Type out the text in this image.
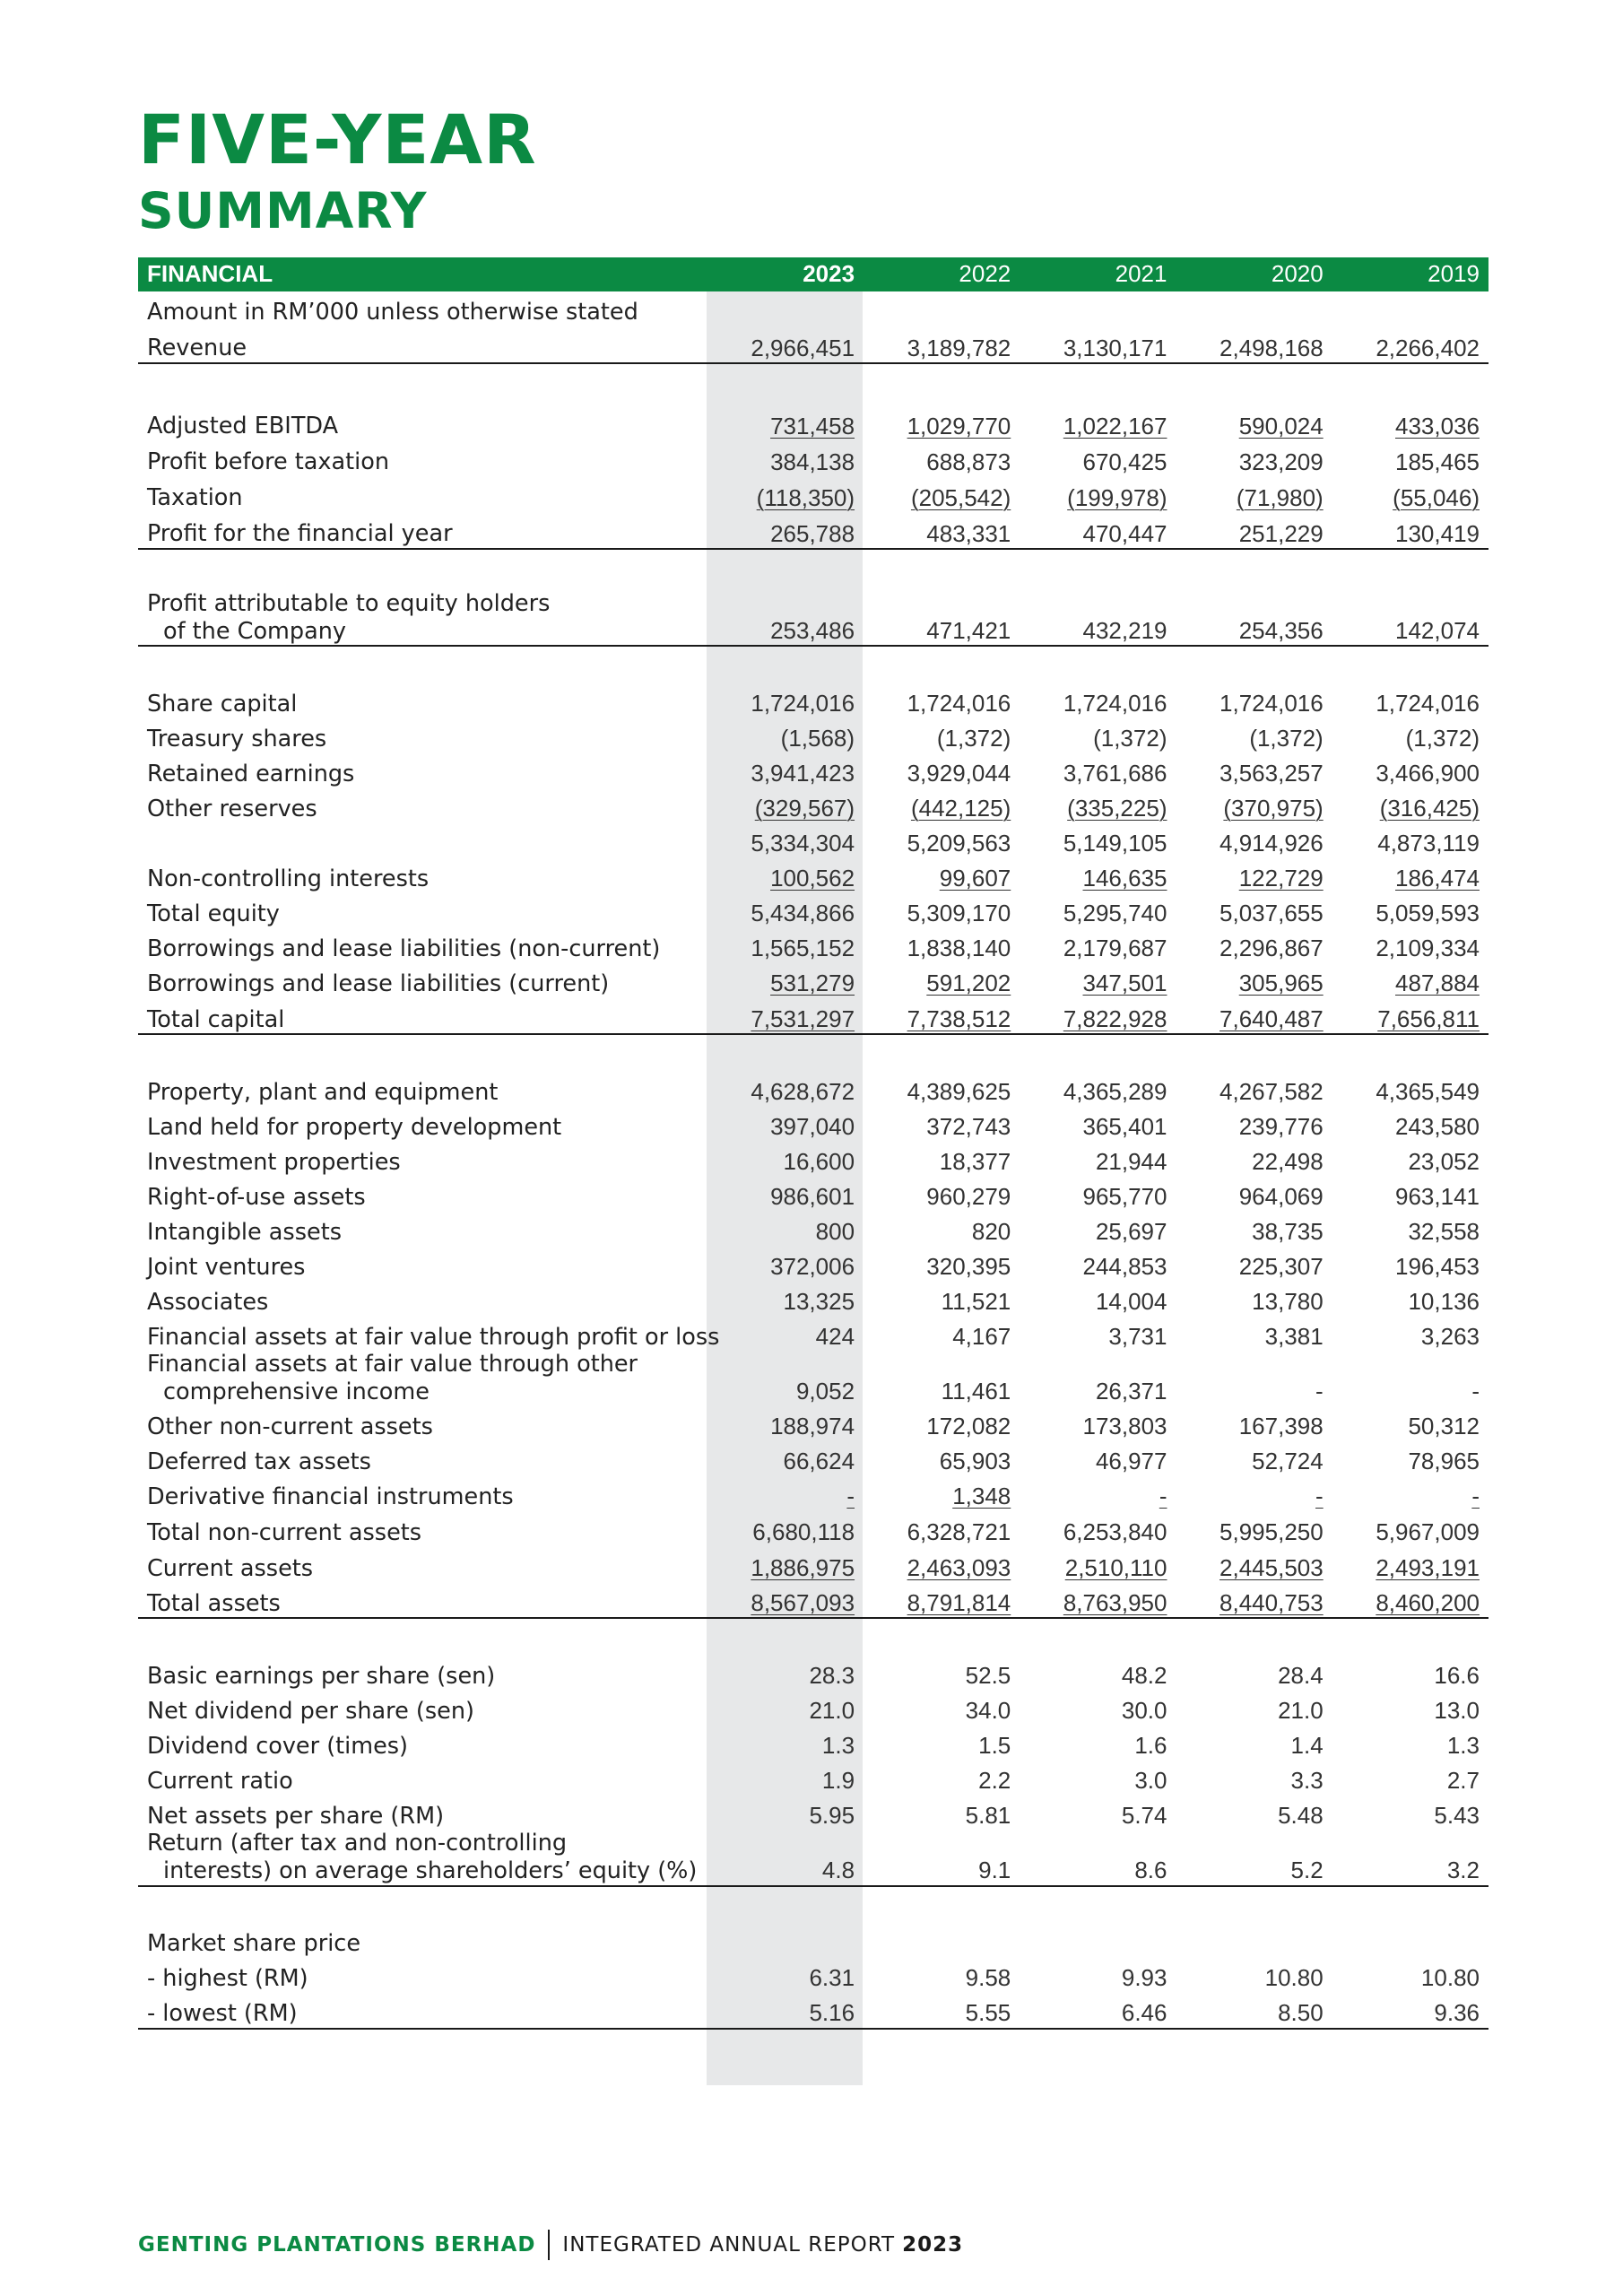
FIVE-YEAR
SUMMARY
FINANCIAL	2023	2022	2021	2020	2019
Amount in RM’000 unless otherwise stated					
Revenue	2,966,451	3,189,782	3,130,171	2,498,168	2,266,402

Adjusted EBITDA	731,458	1,029,770	1,022,167	590,024	433,036
Profit before taxation	384,138	688,873	670,425	323,209	185,465
Taxation	(118,350)	(205,542)	(199,978)	(71,980)	(55,046)
Profit for the financial year	265,788	483,331	470,447	251,229	130,419

Profit attributable to equity holders
of the Company	253,486	471,421	432,219	254,356	142,074

Share capital	1,724,016	1,724,016	1,724,016	1,724,016	1,724,016
Treasury shares	(1,568)	(1,372)	(1,372)	(1,372)	(1,372)
Retained earnings	3,941,423	3,929,044	3,761,686	3,563,257	3,466,900
Other reserves	(329,567)	(442,125)	(335,225)	(370,975)	(316,425)
	5,334,304	5,209,563	5,149,105	4,914,926	4,873,119
Non-controlling interests	100,562	99,607	146,635	122,729	186,474
Total equity	5,434,866	5,309,170	5,295,740	5,037,655	5,059,593
Borrowings and lease liabilities (non-current)	1,565,152	1,838,140	2,179,687	2,296,867	2,109,334
Borrowings and lease liabilities (current)	531,279	591,202	347,501	305,965	487,884
Total capital	7,531,297	7,738,512	7,822,928	7,640,487	7,656,811

Property, plant and equipment	4,628,672	4,389,625	4,365,289	4,267,582	4,365,549
Land held for property development	397,040	372,743	365,401	239,776	243,580
Investment properties	16,600	18,377	21,944	22,498	23,052
Right-of-use assets	986,601	960,279	965,770	964,069	963,141
Intangible assets	800	820	25,697	38,735	32,558
Joint ventures	372,006	320,395	244,853	225,307	196,453
Associates	13,325	11,521	14,004	13,780	10,136
Financial assets at fair value through profit or loss	424	4,167	3,731	3,381	3,263

Financial assets at fair value through other
comprehensive income	9,052	11,461	26,371	-	-
Other non-current assets	188,974	172,082	173,803	167,398	50,312
Deferred tax assets	66,624	65,903	46,977	52,724	78,965
Derivative financial instruments	-	1,348	-	-	-
Total non-current assets	6,680,118	6,328,721	6,253,840	5,995,250	5,967,009
Current assets	1,886,975	2,463,093	2,510,110	2,445,503	2,493,191
Total assets	8,567,093	8,791,814	8,763,950	8,440,753	8,460,200

Basic earnings per share (sen)	28.3	52.5	48.2	28.4	16.6
Net dividend per share (sen)	21.0	34.0	30.0	21.0	13.0
Dividend cover (times)	1.3	1.5	1.6	1.4	1.3
Current ratio	1.9	2.2	3.0	3.3	2.7
Net assets per share (RM)	5.95	5.81	5.74	5.48	5.43

Return (after tax and non-controlling
interests) on average shareholders’ equity (%)	4.8	9.1	8.6	5.2	3.2

Market share price					
- highest (RM)	6.31	9.58	9.93	10.80	10.80
- lowest (RM)	5.16	5.55	6.46	8.50	9.36
GENTING PLANTATIONS BERHAD INTEGRATED ANNUAL REPORT 2023
